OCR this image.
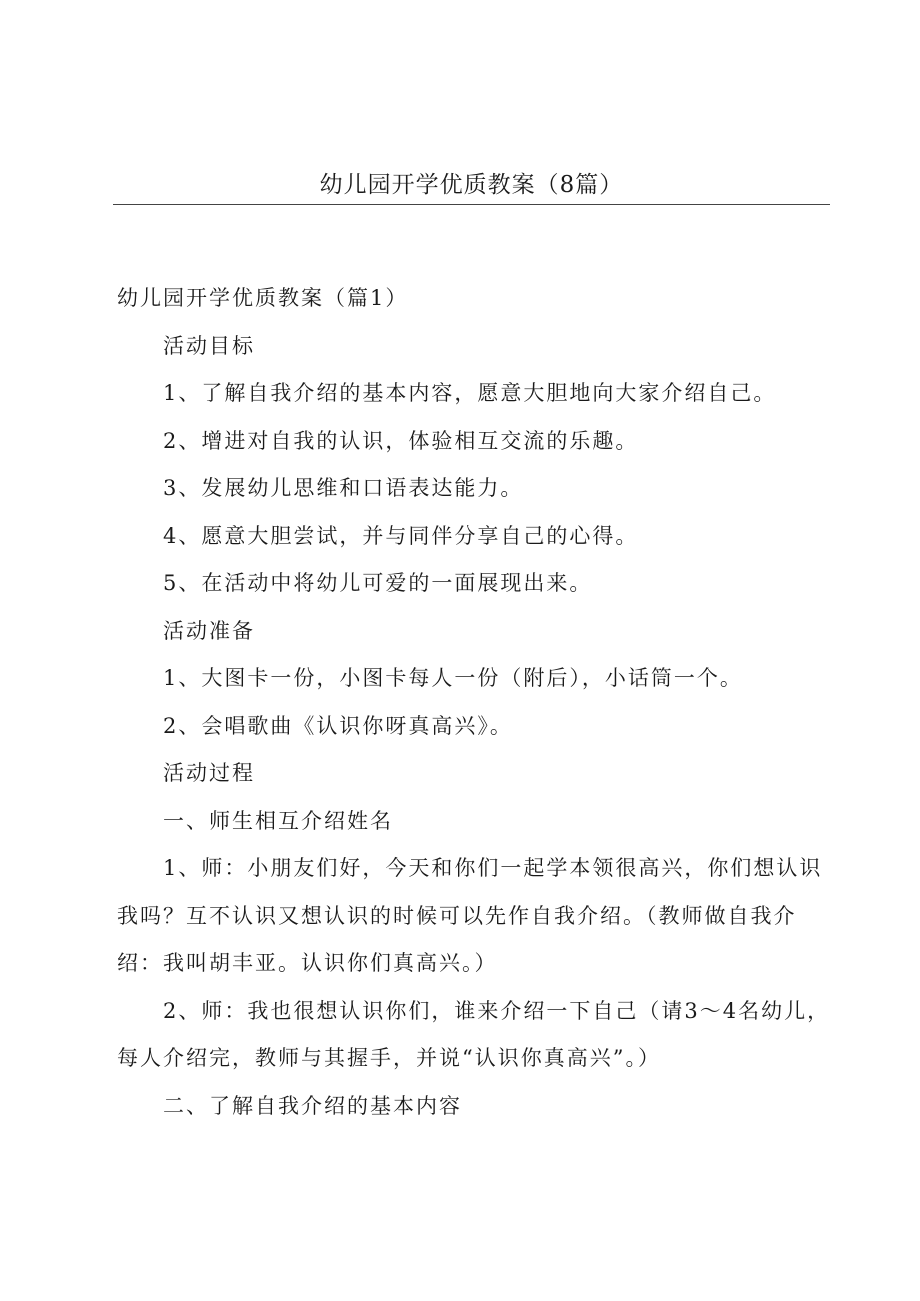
幼儿园开学优质教案（8篇）

幼儿园开学优质教案（篇1）

活动目标

1、了解自我介绍的基本内容，愿意大胆地向大家介绍自己。

2、增进对自我的认识，体验相互交流的乐趣。

3、发展幼儿思维和口语表达能力。

4、愿意大胆尝试，并与同伴分享自己的心得。

5、在活动中将幼儿可爱的一面展现出来。

活动准备

1、大图卡一份，小图卡每人一份（附后），小话筒一个。

2、会唱歌曲《认识你呀真高兴》。

活动过程

一、师生相互介绍姓名

1、师：小朋友们好，今天和你们一起学本领很高兴，你们想认识我吗？互不认识又想认识的时候可以先作自我介绍。（教师做自我介绍：我叫胡丰亚。认识你们真高兴。）

2、师：我也很想认识你们，谁来介绍一下自己（请3～4名幼儿，每人介绍完，教师与其握手，并说“认识你真高兴”。）

二、了解自我介绍的基本内容
